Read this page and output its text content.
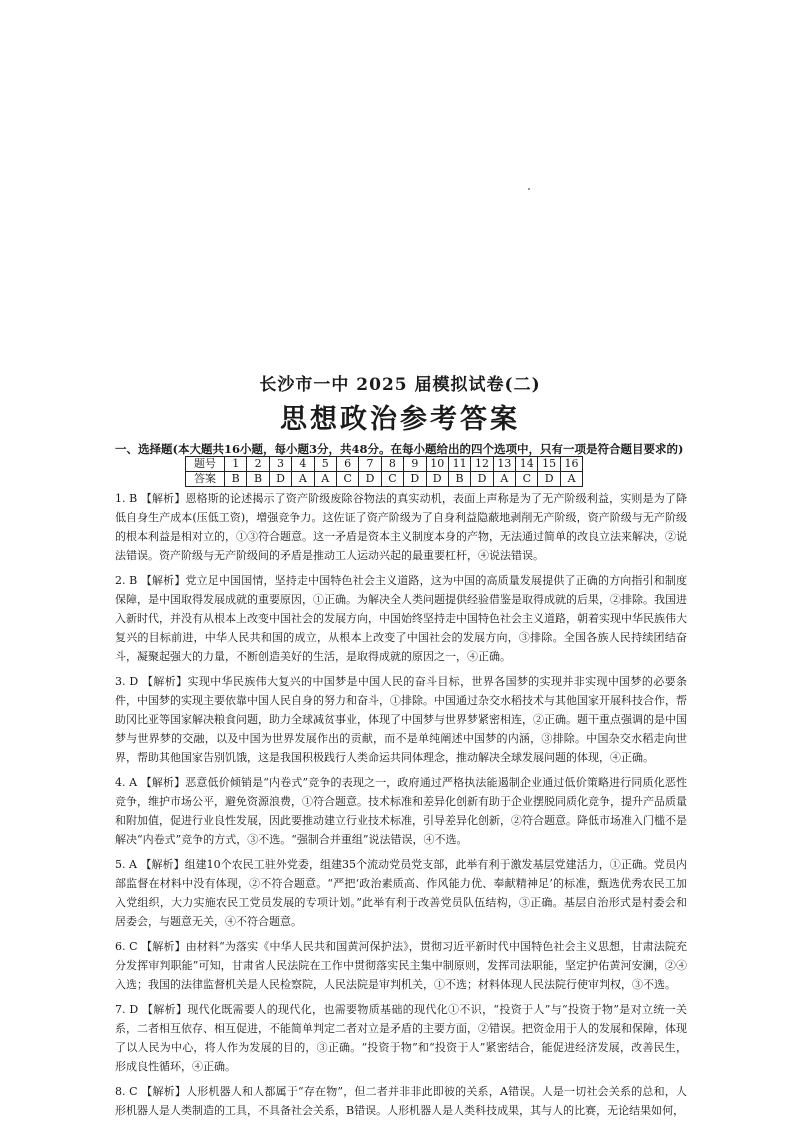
长沙市一中 2025 届模拟试卷(二)
思想政治参考答案
一、选择题(本大题共16小题，每小题3分，共48分。在每小题给出的四个选项中，只有一项是符合题目要求的)
题号	1	2	3	4	5	6	7	8	9	10	11	12	13	14	15	16
答案	B	B	D	A	A	C	D	C	D	D	B	D	A	C	D	A
1. B 【解析】恩格斯的论述揭示了资产阶级废除谷物法的真实动机，表面上声称是为了无产阶级利益，实则是为了降低自身生产成本(压低工资)，增强竞争力。这佐证了资产阶级为了自身利益隐蔽地剥削无产阶级，资产阶级与无产阶级的根本利益是相对立的，①③符合题意。这一矛盾是资本主义制度本身的产物，无法通过简单的改良立法来解决，②说法错误。资产阶级与无产阶级间的矛盾是推动工人运动兴起的最重要杠杆，④说法错误。
2. B 【解析】党立足中国国情，坚持走中国特色社会主义道路，这为中国的高质量发展提供了正确的方向指引和制度保障，是中国取得发展成就的重要原因，①正确。为解决全人类问题提供经验借鉴是取得成就的后果，②排除。我国进入新时代，并没有从根本上改变中国社会的发展方向，中国始终坚持走中国特色社会主义道路，朝着实现中华民族伟大复兴的目标前进，中华人民共和国的成立，从根本上改变了中国社会的发展方向，③排除。全国各族人民持续团结奋斗，凝聚起强大的力量，不断创造美好的生活，是取得成就的原因之一，④正确。
3. D 【解析】实现中华民族伟大复兴的中国梦是中国人民的奋斗目标，世界各国梦的实现并非实现中国梦的必要条件，中国梦的实现主要依靠中国人民自身的努力和奋斗，①排除。中国通过杂交水稻技术与其他国家开展科技合作，帮助冈比亚等国家解决粮食问题，助力全球减贫事业，体现了中国梦与世界梦紧密相连，②正确。题干重点强调的是中国梦与世界梦的交融，以及中国为世界发展作出的贡献，而不是单纯阐述中国梦的内涵，③排除。中国杂交水稻走向世界，帮助其他国家告别饥饿，这是我国积极践行人类命运共同体理念，推动解决全球发展问题的体现，④正确。
4. A 【解析】恶意低价倾销是“内卷式”竞争的表现之一，政府通过严格执法能遏制企业通过低价策略进行同质化恶性竞争，维护市场公平，避免资源浪费，①符合题意。技术标准和差异化创新有助于企业摆脱同质化竞争，提升产品质量和附加值，促进行业良性发展，因此要推动建立行业技术标准，引导差异化创新，②符合题意。降低市场准入门槛不是解决“内卷式”竞争的方式，③不选。“强制合并重组”说法错误，④不选。
5. A 【解析】组建10个农民工驻外党委，组建35个流动党员党支部，此举有利于激发基层党建活力，①正确。党员内部监督在材料中没有体现，②不符合题意。“严把‘政治素质高、作风能力优、奉献精神足’的标准，甄选优秀农民工加入党组织，大力实施农民工党员发展的专项计划。”此举有利于改善党员队伍结构，③正确。基层自治形式是村委会和居委会，与题意无关，④不符合题意。
6. C 【解析】由材料“为落实《中华人民共和国黄河保护法》，贯彻习近平新时代中国特色社会主义思想，甘肃法院充分发挥审判职能”可知，甘肃省人民法院在工作中贯彻落实民主集中制原则，发挥司法职能，坚定护佑黄河安澜，②④入选；我国的法律监督机关是人民检察院，人民法院是审判机关，①不选；材料体现人民法院行使审判权，③不选。
7. D 【解析】现代化既需要人的现代化，也需要物质基础的现代化①不识，“投资于人”与“投资于物”是对立统一关系，二者相互依存、相互促进，不能简单判定二者对立是矛盾的主要方面，②错误。把资金用于人的发展和保障，体现了以人民为中心，将人作为发展的目的，③正确。“投资于物”和“投资于人”紧密结合，能促进经济发展，改善民生，形成良性循环，④正确。
8. C 【解析】人形机器人和人都属于“存在物”，但二者并非非此即彼的关系，A错误。人是一切社会关系的总和，人形机器人是人类制造的工具，不具备社会关系，B错误。人形机器人是人类科技成果，其与人的比赛，无论结果如何，
